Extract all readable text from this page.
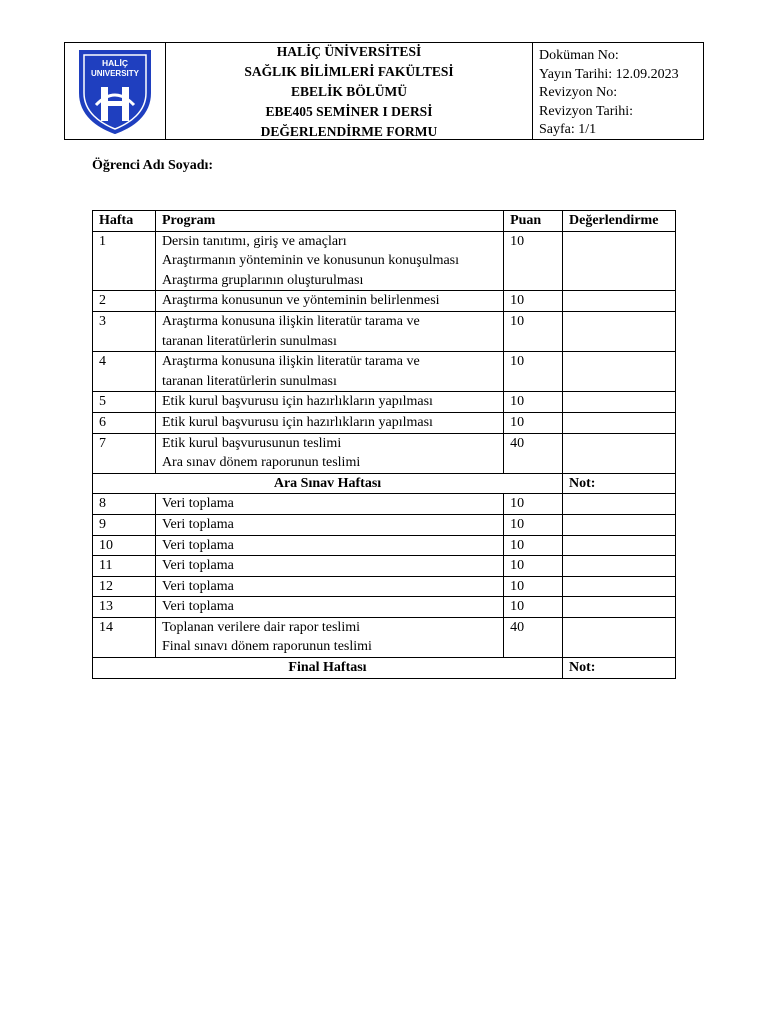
HALİÇ
UNIVERSITY
HALİÇ ÜNİVERSİTESİ
SAĞLIK BİLİMLERİ FAKÜLTESİ
EBELİK BÖLÜMÜ
EBE405 SEMİNER I DERSİ
DEĞERLENDİRME FORMU
Doküman No:
Yayın Tarihi: 12.09.2023
Revizyon No:
Revizyon Tarihi:
Sayfa: 1/1
Öğrenci Adı Soyadı:
Hafta	Program	Puan	Değerlendirme
1	Dersin tanıtımı, giriş ve amaçları
Araştırmanın yönteminin ve konusunun konuşulması
Araştırma gruplarının oluşturulması	10	
2	Araştırma konusunun ve yönteminin belirlenmesi	10	
3	Araştırma konusuna ilişkin literatür tarama ve
taranan literatürlerin sunulması	10	
4	Araştırma konusuna ilişkin literatür tarama ve
taranan literatürlerin sunulması	10	
5	Etik kurul başvurusu için hazırlıkların yapılması	10	
6	Etik kurul başvurusu için hazırlıkların yapılması	10	
7	Etik kurul başvurusunun teslimi
Ara sınav dönem raporunun teslimi	40	
Ara Sınav Haftası			Not:
8	Veri toplama	10	
9	Veri toplama	10	
10	Veri toplama	10	
11	Veri toplama	10	
12	Veri toplama	10	
13	Veri toplama	10	
14	Toplanan verilere dair rapor teslimi
Final sınavı dönem raporunun teslimi	40	
Final Haftası			Not:
